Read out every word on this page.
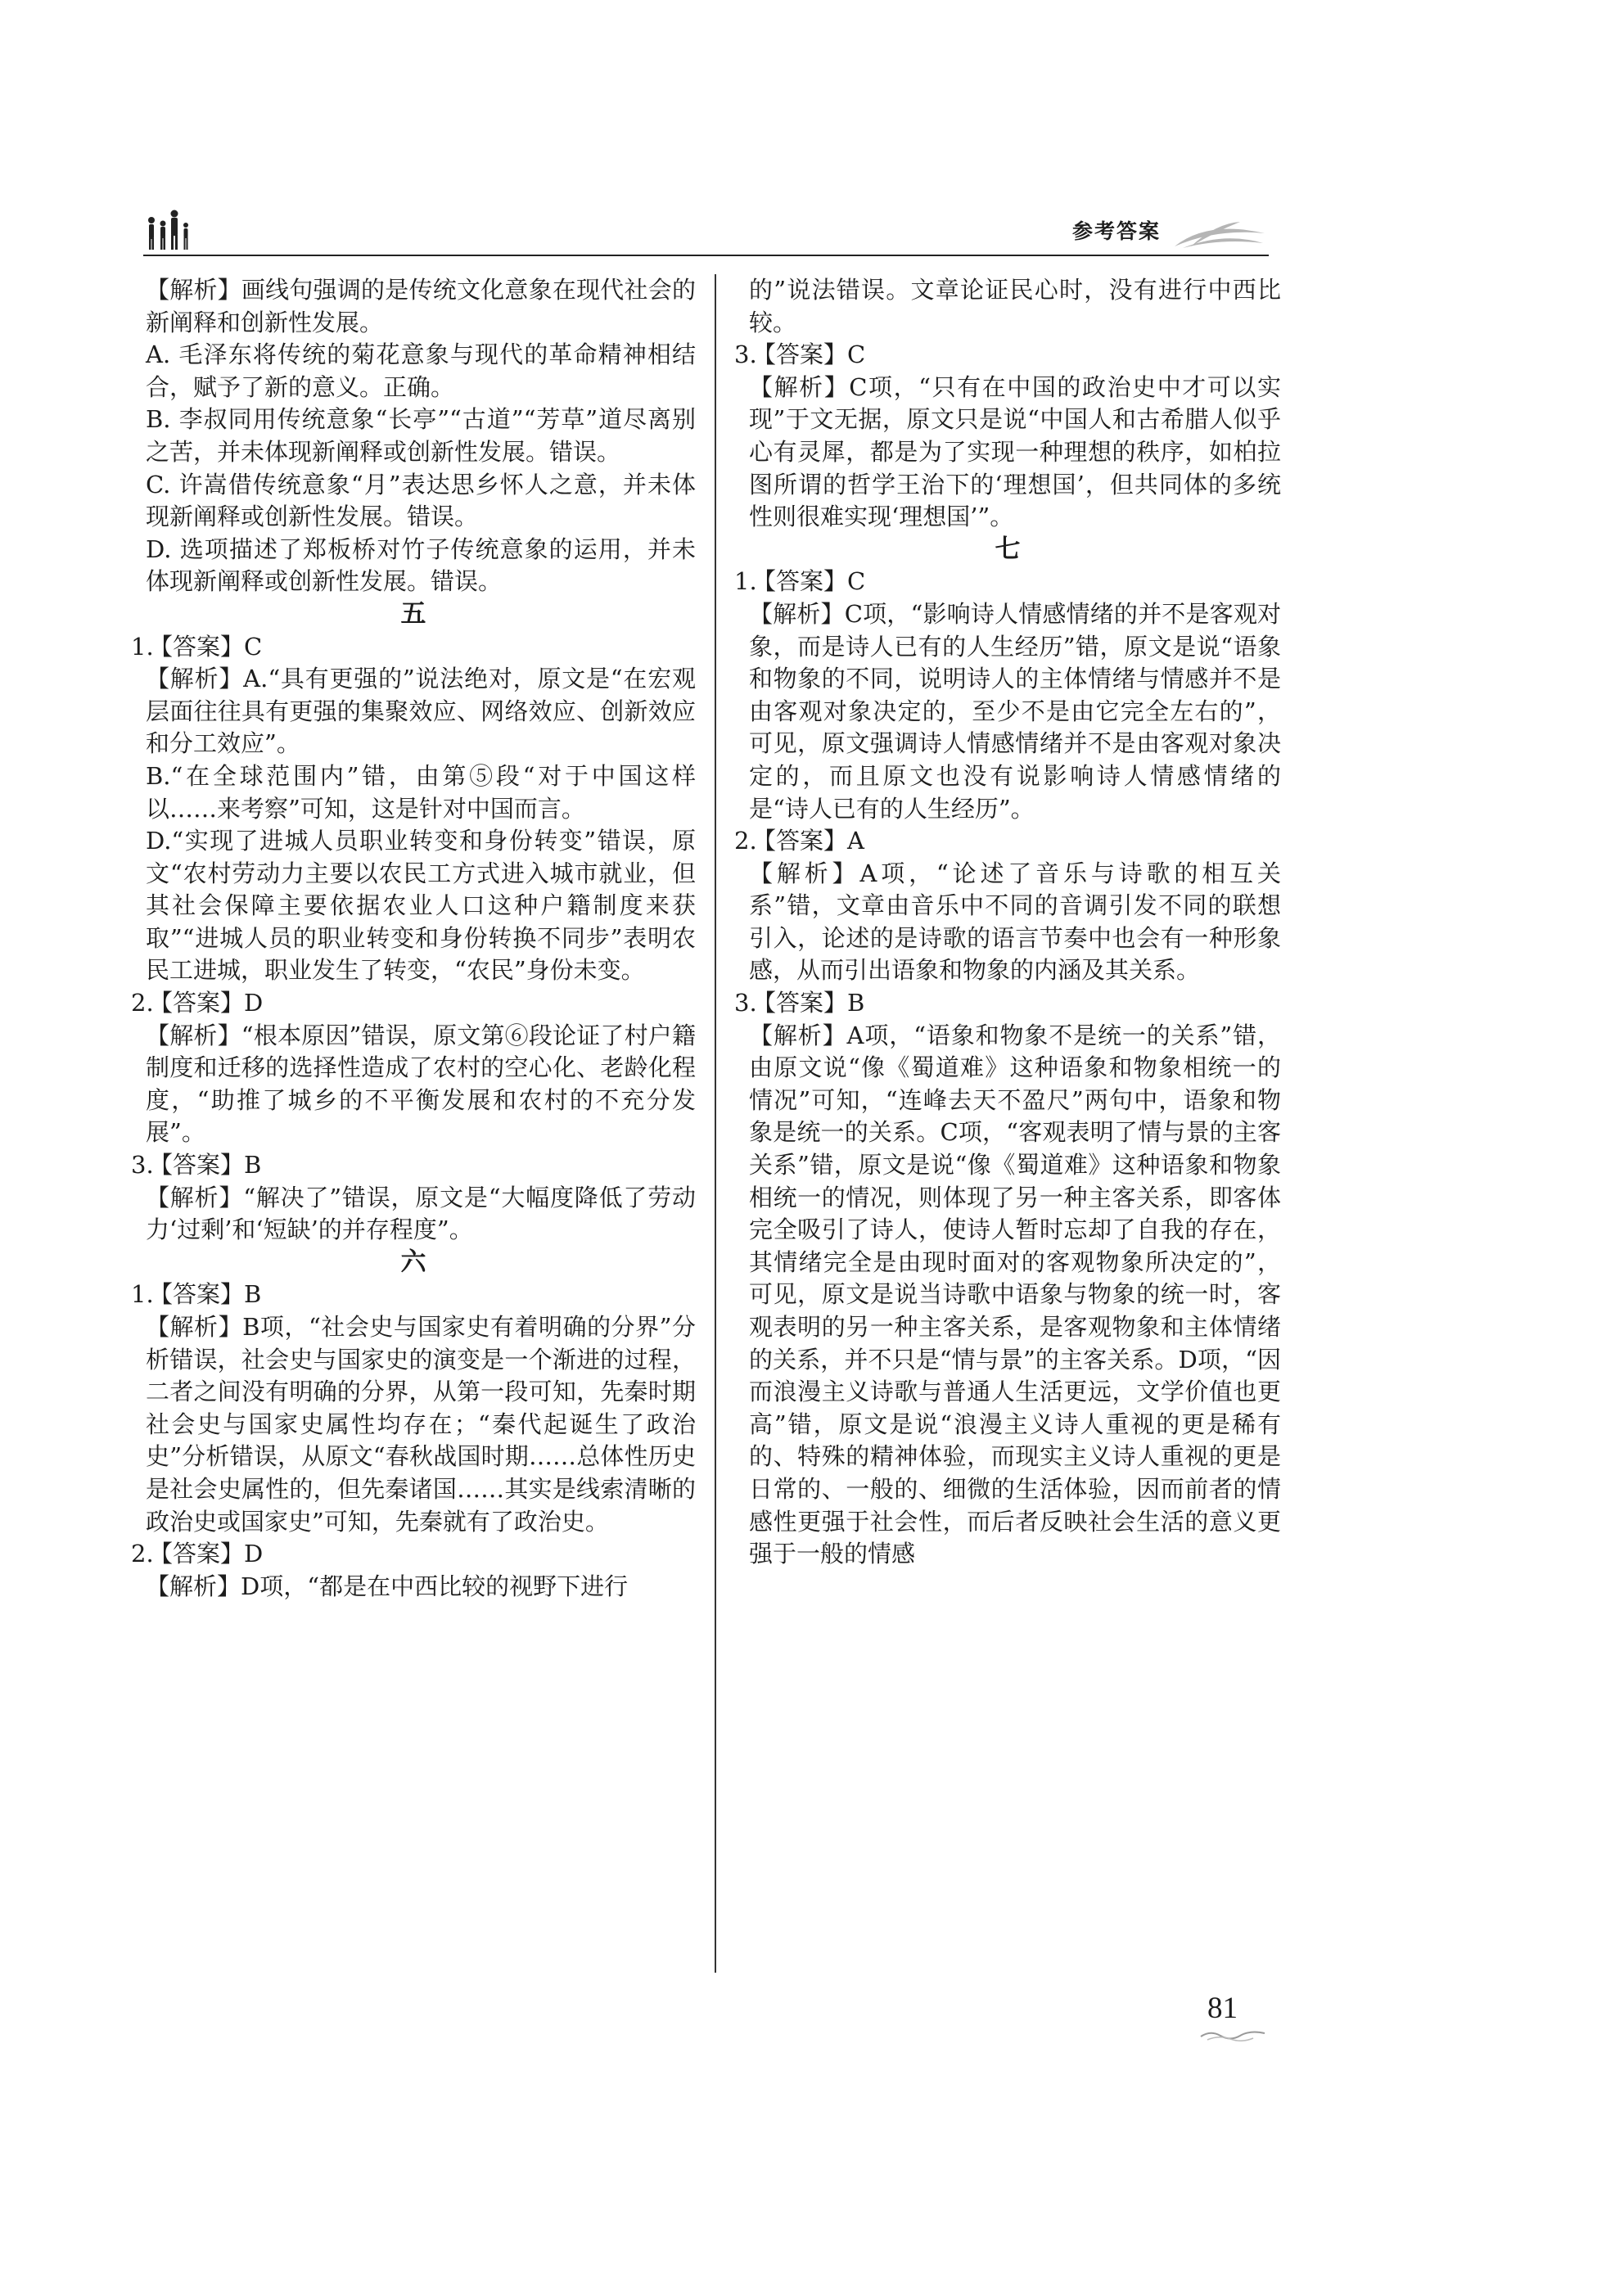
参考答案
【解析】画线句强调的是传统文化意象在现代社会的新阐释和创新性发展。
A. 毛泽东将传统的菊花意象与现代的革命精神相结合，赋予了新的意义。正确。
B. 李叔同用传统意象“长亭”“古道”“芳草”道尽离别之苦，并未体现新阐释或创新性发展。错误。
C. 许嵩借传统意象“月”表达思乡怀人之意，并未体现新阐释或创新性发展。错误。
D. 选项描述了郑板桥对竹子传统意象的运用，并未体现新阐释或创新性发展。错误。
五
1.
【答案】C
【解析】A.“具有更强的”说法绝对，原文是“在宏观层面往往具有更强的集聚效应、网络效应、创新效应和分工效应”。
B.“在全球范围内”错，由第⑤段“对于中国这样以……来考察”可知，这是针对中国而言。
D.“实现了进城人员职业转变和身份转变”错误，原文“农村劳动力主要以农民工方式进入城市就业，但其社会保障主要依据农业人口这种户籍制度来获取”“进城人员的职业转变和身份转换不同步”表明农民工进城，职业发生了转变，“农民”身份未变。
2.
【答案】D
【解析】“根本原因”错误，原文第⑥段论证了村户籍制度和迁移的选择性造成了农村的空心化、老龄化程度，“助推了城乡的不平衡发展和农村的不充分发展”。
3.
【答案】B
【解析】“解决了”错误，原文是“大幅度降低了劳动力‘过剩’和‘短缺’的并存程度”。
六
1.
【答案】B
【解析】B项，“社会史与国家史有着明确的分界”分析错误，社会史与国家史的演变是一个渐进的过程，二者之间没有明确的分界，从第一段可知，先秦时期社会史与国家史属性均存在；“秦代起诞生了政治史”分析错误，从原文“春秋战国时期……总体性历史是社会史属性的，但先秦诸国……其实是线索清晰的政治史或国家史”可知，先秦就有了政治史。
2.
【答案】D
【解析】D项，“都是在中西比较的视野下进行
的”说法错误。文章论证民心时，没有进行中西比较。
3.
【答案】C
【解析】C项，“只有在中国的政治史中才可以实现”于文无据，原文只是说“中国人和古希腊人似乎心有灵犀，都是为了实现一种理想的秩序，如柏拉图所谓的哲学王治下的‘理想国’，但共同体的多统性则很难实现‘理想国’”。
七
1.
【答案】C
【解析】C项，“影响诗人情感情绪的并不是客观对象，而是诗人已有的人生经历”错，原文是说“语象和物象的不同，说明诗人的主体情绪与情感并不是由客观对象决定的，至少不是由它完全左右的”，可见，原文强调诗人情感情绪并不是由客观对象决定的，而且原文也没有说影响诗人情感情绪的是“诗人已有的人生经历”。
2.
【答案】A
【解析】A项，“论述了音乐与诗歌的相互关系”错，文章由音乐中不同的音调引发不同的联想引入，论述的是诗歌的语言节奏中也会有一种形象感，从而引出语象和物象的内涵及其关系。
3.
【答案】B
【解析】A项，“语象和物象不是统一的关系”错，由原文说“像《蜀道难》这种语象和物象相统一的情况”可知，“连峰去天不盈尺”两句中，语象和物象是统一的关系。C项，“客观表明了情与景的主客关系”错，原文是说“像《蜀道难》这种语象和物象相统一的情况，则体现了另一种主客关系，即客体完全吸引了诗人，使诗人暂时忘却了自我的存在，其情绪完全是由现时面对的客观物象所决定的”，可见，原文是说当诗歌中语象与物象的统一时，客观表明的另一种主客关系，是客观物象和主体情绪的关系，并不只是“情与景”的主客关系。D项，“因而浪漫主义诗歌与普通人生活更远，文学价值也更高”错，原文是说“浪漫主义诗人重视的更是稀有的、特殊的精神体验，而现实主义诗人重视的更是日常的、一般的、细微的生活体验，因而前者的情感性更强于社会性，而后者反映社会生活的意义更强于一般的情感
81
